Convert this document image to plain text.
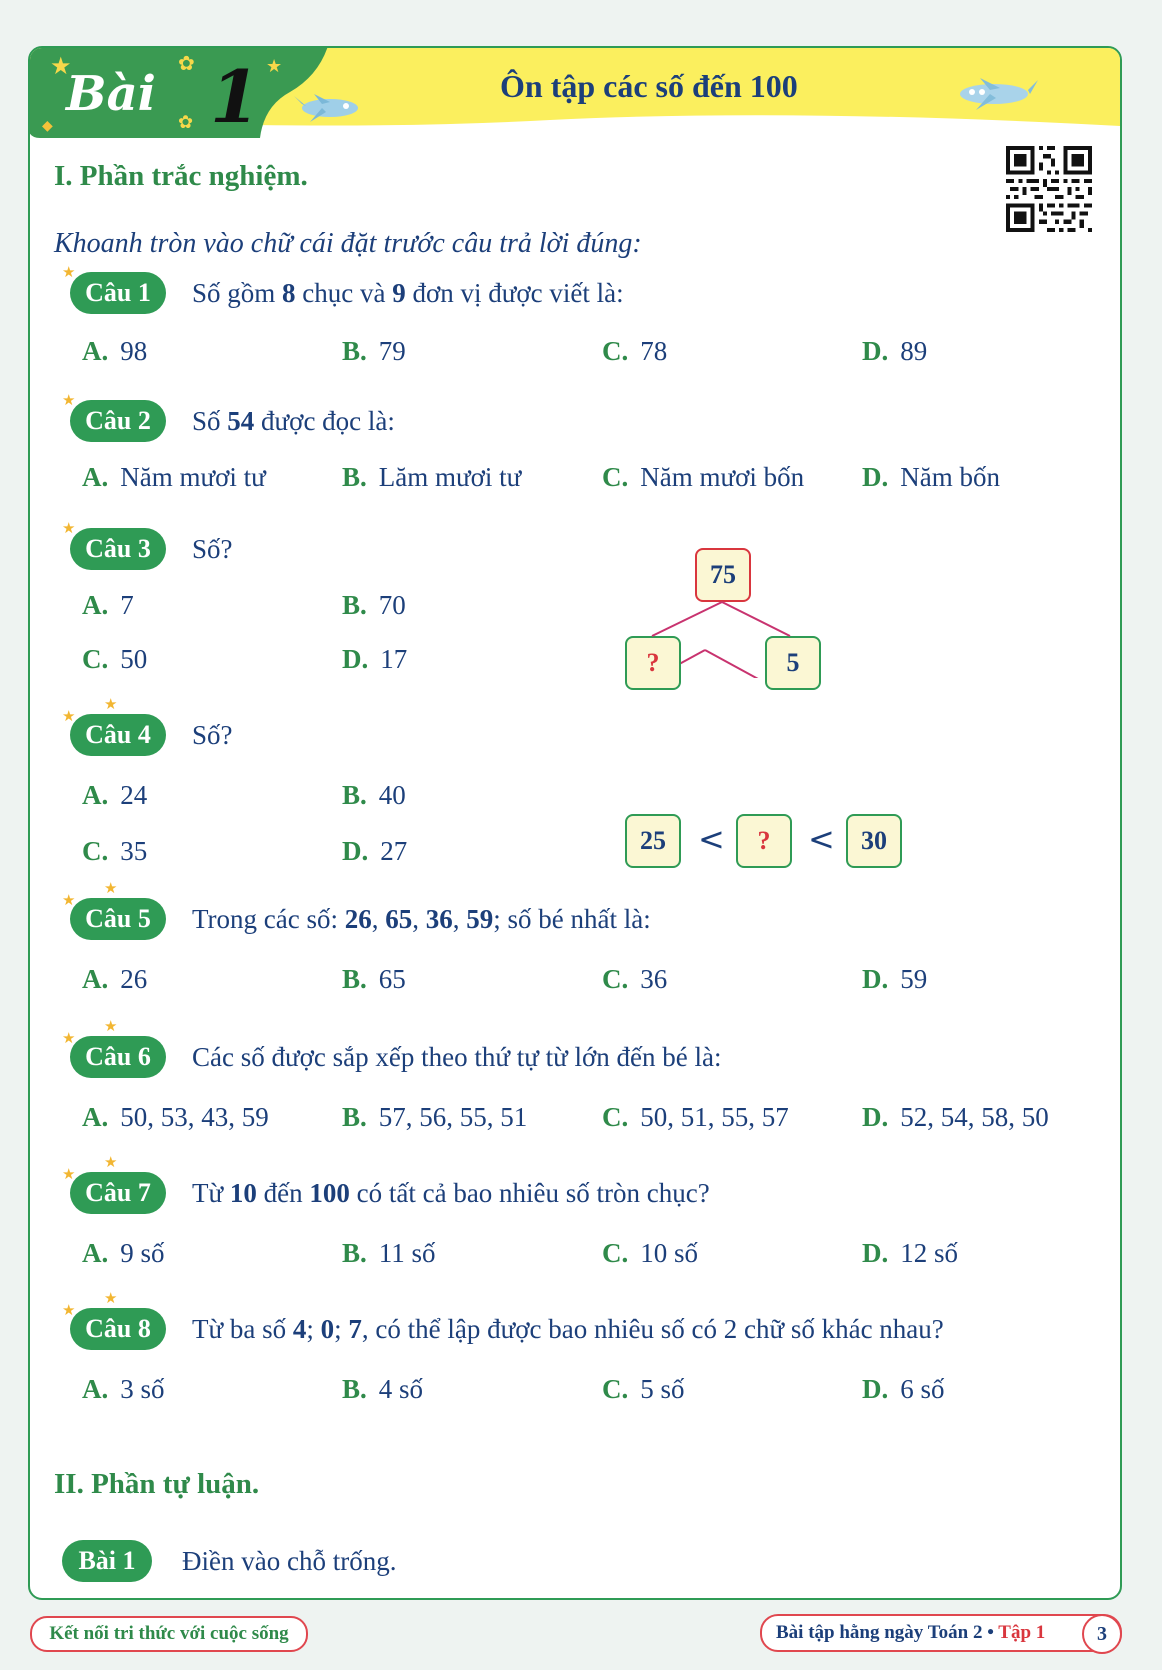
★	✿	★
✿
◆
Bài 1	Ôn tập các số đến 100
I. Phần trắc nghiệm.
Khoanh tròn vào chữ cái đặt trước câu trả lời đúng:
★
Câu 1	Số gồm 8 chục và 9 đơn vị được viết là:
A. 98	B. 79	C. 78	D. 89
★
Câu 2	Số 54 được đọc là:
A. Năm mươi tư	B. Lăm mươi tư	C. Năm mươi bốn D. Năm bốn
★
Câu 3	Số?
A. 7	B. 70
C. 50	D. 17
75
?	5
★
★
Câu 4	Số?
A. 24	B. 40
C. 35	D. 27	25	<	?	<	30
★
★
Câu 5	Trong các số: 26, 65, 36, 59; số bé nhất là:
A. 26	B. 65	C. 36	D. 59
★
★
Câu 6	Các số được sắp xếp theo thứ tự từ lớn đến bé là:
A. 50, 53, 43, 59	B. 57, 56, 55, 51	C. 50, 51, 55, 57	D. 52, 54, 58, 50
★
★
Câu 7	Từ 10 đến 100 có tất cả bao nhiêu số tròn chục?
A. 9 số	B. 11 số	C. 10 số	D. 12 số
★
★
Câu 8	Từ ba số 4; 0; 7, có thể lập được bao nhiêu số có 2 chữ số khác nhau?
A. 3 số	B. 4 số	C. 5 số	D. 6 số
II. Phần tự luận.
Bài 1	Điền vào chỗ trống.
Kết nối tri thức với cuộc sống	Bài tập hằng ngày Toán 2 • Tập 1	3
